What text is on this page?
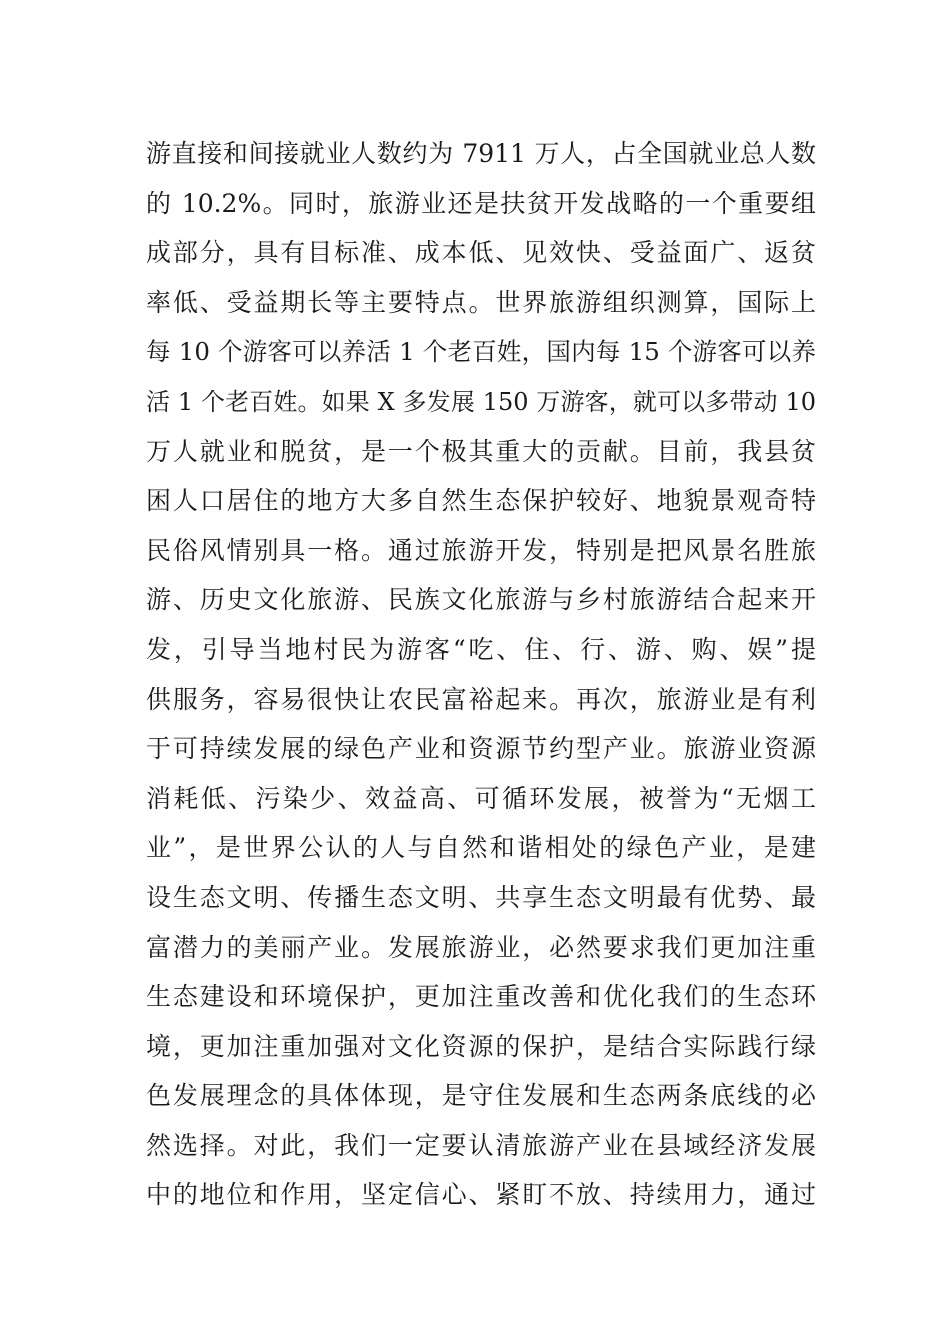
游直接和间接就业人数约为 7911 万人，占全国就业总人数
的 10.2%。同时，旅游业还是扶贫开发战略的一个重要组
成部分，具有目标准、成本低、见效快、受益面广、返贫
率低、受益期长等主要特点。世界旅游组织测算，国际上
每 10 个游客可以养活 1 个老百姓，国内每 15 个游客可以养
活 1 个老百姓。如果 X 多发展 150 万游客，就可以多带动 10
万人就业和脱贫，是一个极其重大的贡献。目前，我县贫
困人口居住的地方大多自然生态保护较好、地貌景观奇特
民俗风情别具一格。通过旅游开发，特别是把风景名胜旅
游、历史文化旅游、民族文化旅游与乡村旅游结合起来开
发，引导当地村民为游客“吃、住、行、游、购、娱”提
供服务，容易很快让农民富裕起来。再次，旅游业是有利
于可持续发展的绿色产业和资源节约型产业。旅游业资源
消耗低、污染少、效益高、可循环发展，被誉为“无烟工
业”，是世界公认的人与自然和谐相处的绿色产业，是建
设生态文明、传播生态文明、共享生态文明最有优势、最
富潜力的美丽产业。发展旅游业，必然要求我们更加注重
生态建设和环境保护，更加注重改善和优化我们的生态环
境，更加注重加强对文化资源的保护，是结合实际践行绿
色发展理念的具体体现，是守住发展和生态两条底线的必
然选择。对此，我们一定要认清旅游产业在县域经济发展
中的地位和作用，坚定信心、紧盯不放、持续用力，通过
